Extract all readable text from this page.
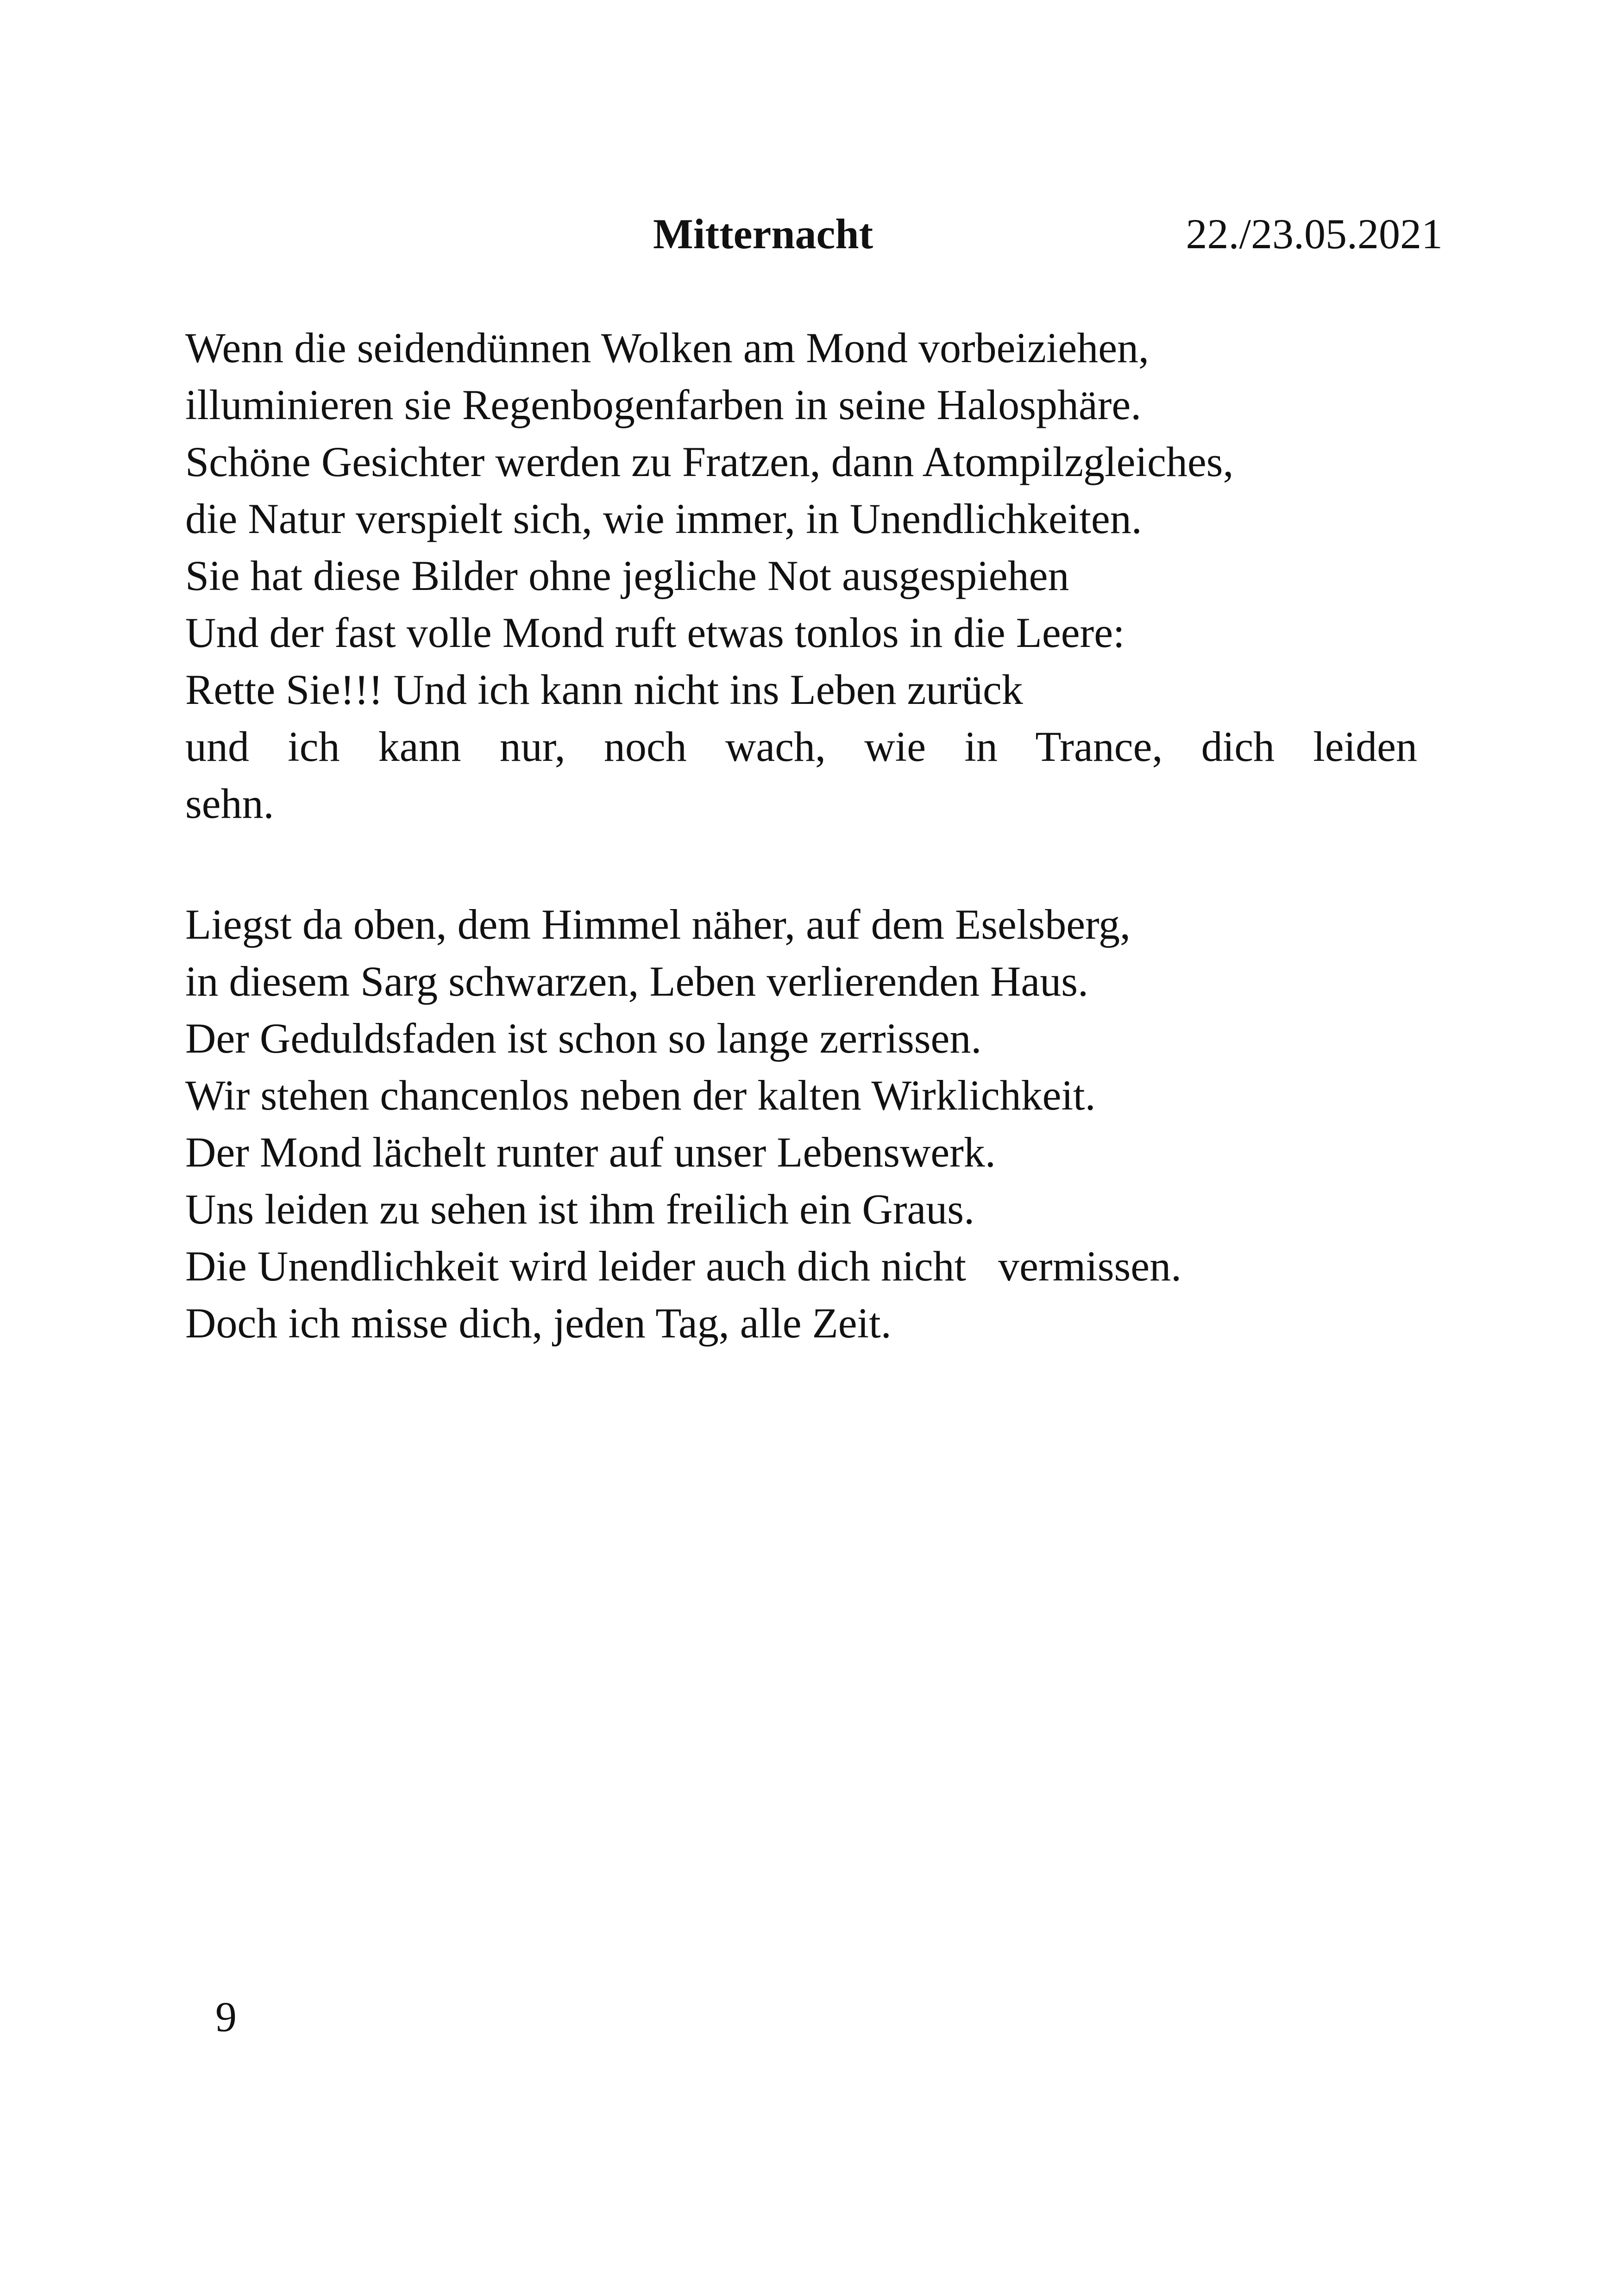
Mitternacht	22./23.05.2021
Wenn die seidendünnen Wolken am Mond vorbeiziehen,
illuminieren sie Regenbogenfarben in seine Halosphäre.
Schöne Gesichter werden zu Fratzen, dann Atompilzgleiches,
die Natur verspielt sich, wie immer, in Unendlichkeiten.
Sie hat diese Bilder ohne jegliche Not ausgespiehen
Und der fast volle Mond ruft etwas tonlos in die Leere:
Rette Sie!!! Und ich kann nicht ins Leben zurück
und ich kann nur, noch wach, wie in Trance, dich leiden
sehn.
Liegst da oben, dem Himmel näher, auf dem Eselsberg,
in diesem Sarg schwarzen, Leben verlierenden Haus.
Der Geduldsfaden ist schon so lange zerrissen.
Wir stehen chancenlos neben der kalten Wirklichkeit.
Der Mond lächelt runter auf unser Lebenswerk.
Uns leiden zu sehen ist ihm freilich ein Graus.
Die Unendlichkeit wird leider auch dich nicht   vermissen.
Doch ich misse dich, jeden Tag, alle Zeit.
9
